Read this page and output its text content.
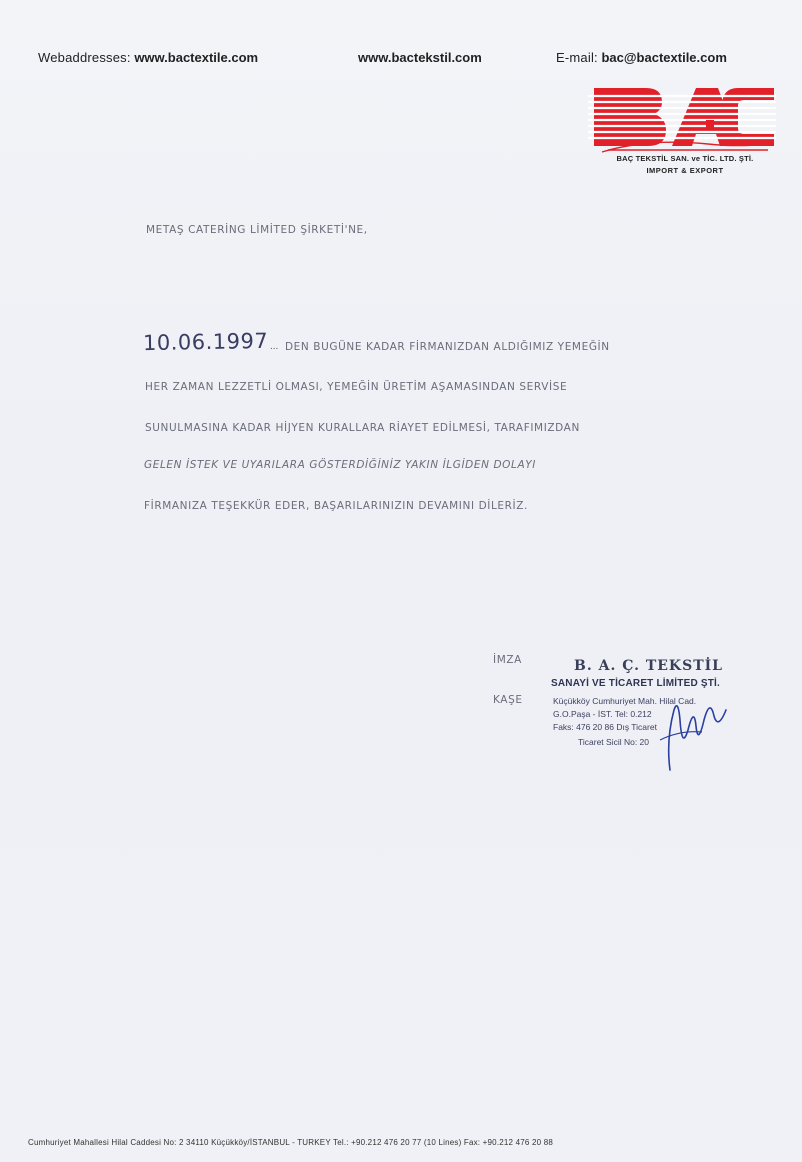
Webaddresses: www.bactextile.com	www.bactekstil.com	E-mail: bac@bactextile.com
BAÇ TEKSTİL SAN. ve TİC. LTD. ŞTİ.
IMPORT & EXPORT
METAŞ CATERİNG LİMİTED ŞİRKETİ'NE,
10.06.1997 ... DEN BUGÜNE KADAR FİRMANIZDAN ALDIĞIMIZ YEMEĞİN
HER ZAMAN LEZZETLİ OLMASI, YEMEĞİN ÜRETİM AŞAMASINDAN SERVİSE
SUNULMASINA KADAR HİJYEN KURALLARA RİAYET EDİLMESİ, TARAFIMIZDAN
GELEN İSTEK VE UYARILARA GÖSTERDİĞİNİZ YAKIN İLGİDEN DOLAYI
FİRMANIZA TEŞEKKÜR EDER, BAŞARILARINIZIN DEVAMINI DİLERİZ.
İMZA
KAŞE
B. A. Ç. TEKSTİL
SANAYİ VE TİCARET LİMİTED ŞTİ.
Küçükköy Cumhuriyet Mah. Hilal Cad.
G.O.Paşa - İST. Tel: 0.212
Faks: 476 20 86 Dış Ticaret
Ticaret Sicil No: 20
Cumhuriyet Mahallesi Hilal Caddesi No: 2 34110 Küçükköy/İSTANBUL - TURKEY Tel.: +90.212 476 20 77 (10 Lines) Fax: +90.212 476 20 88
